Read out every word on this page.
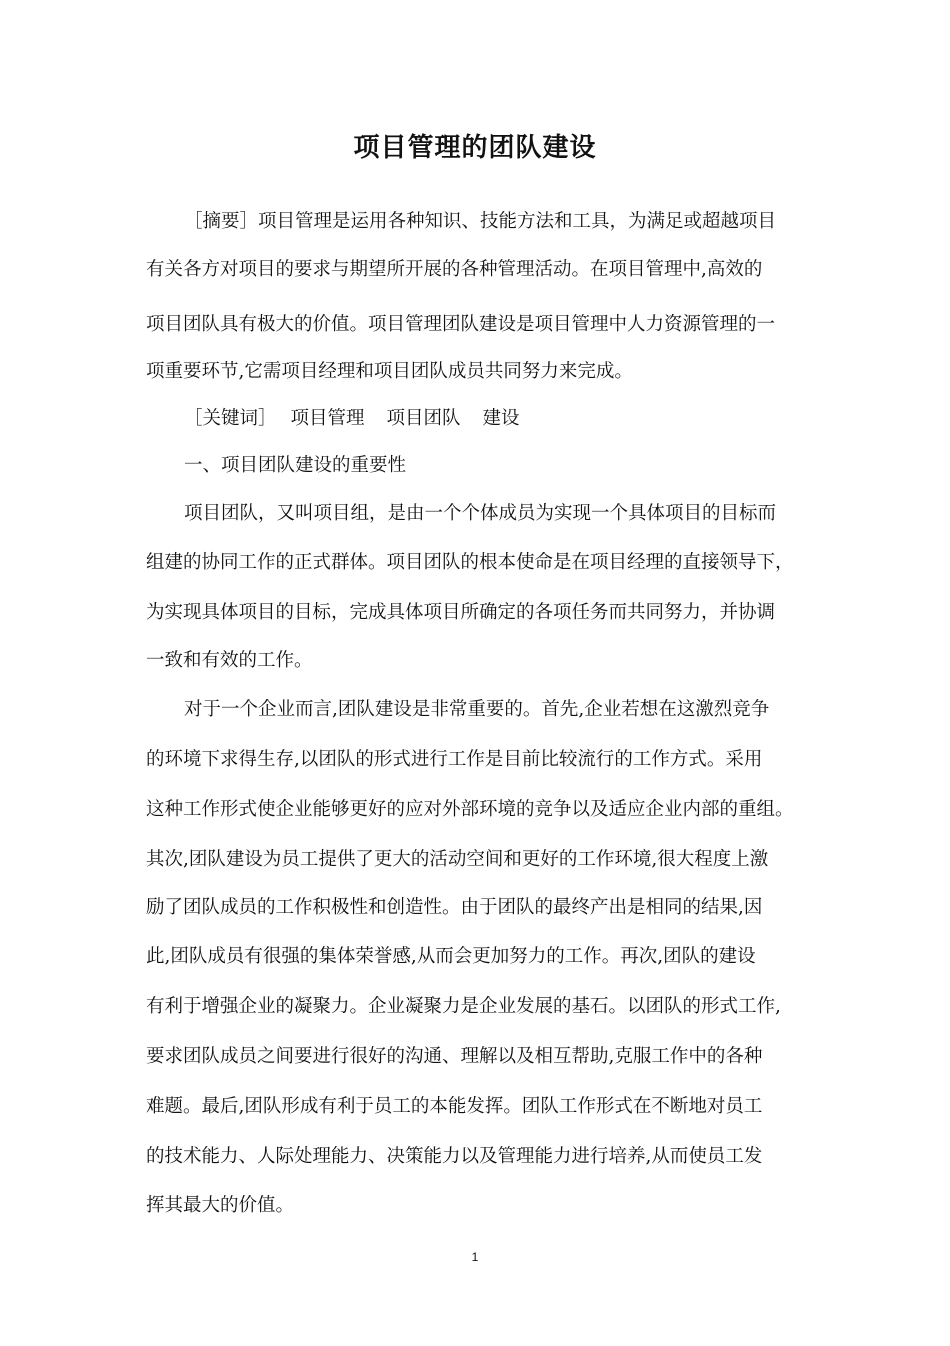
项目管理的团队建设
［摘要］项目管理是运用各种知识、技能方法和工具，为满足或超越项目
有关各方对项目的要求与期望所开展的各种管理活动。在项目管理中,高效的
项目团队具有极大的价值。项目管理团队建设是项目管理中人力资源管理的一
项重要环节,它需项目经理和项目团队成员共同努力来完成。
［关键词］ 项目管理 项目团队 建设
一、项目团队建设的重要性
项目团队，又叫项目组，是由一个个体成员为实现一个具体项目的目标而
组建的协同工作的正式群体。项目团队的根本使命是在项目经理的直接领导下，
为实现具体项目的目标，完成具体项目所确定的各项任务而共同努力，并协调
一致和有效的工作。
对于一个企业而言,团队建设是非常重要的。首先,企业若想在这激烈竞争
的环境下求得生存,以团队的形式进行工作是目前比较流行的工作方式。采用
这种工作形式使企业能够更好的应对外部环境的竞争以及适应企业内部的重组。
其次,团队建设为员工提供了更大的活动空间和更好的工作环境,很大程度上激
励了团队成员的工作积极性和创造性。由于团队的最终产出是相同的结果,因
此,团队成员有很强的集体荣誉感,从而会更加努力的工作。再次,团队的建设
有利于增强企业的凝聚力。企业凝聚力是企业发展的基石。以团队的形式工作,
要求团队成员之间要进行很好的沟通、理解以及相互帮助,克服工作中的各种
难题。最后,团队形成有利于员工的本能发挥。团队工作形式在不断地对员工
的技术能力、人际处理能力、决策能力以及管理能力进行培养,从而使员工发
挥其最大的价值。
1
